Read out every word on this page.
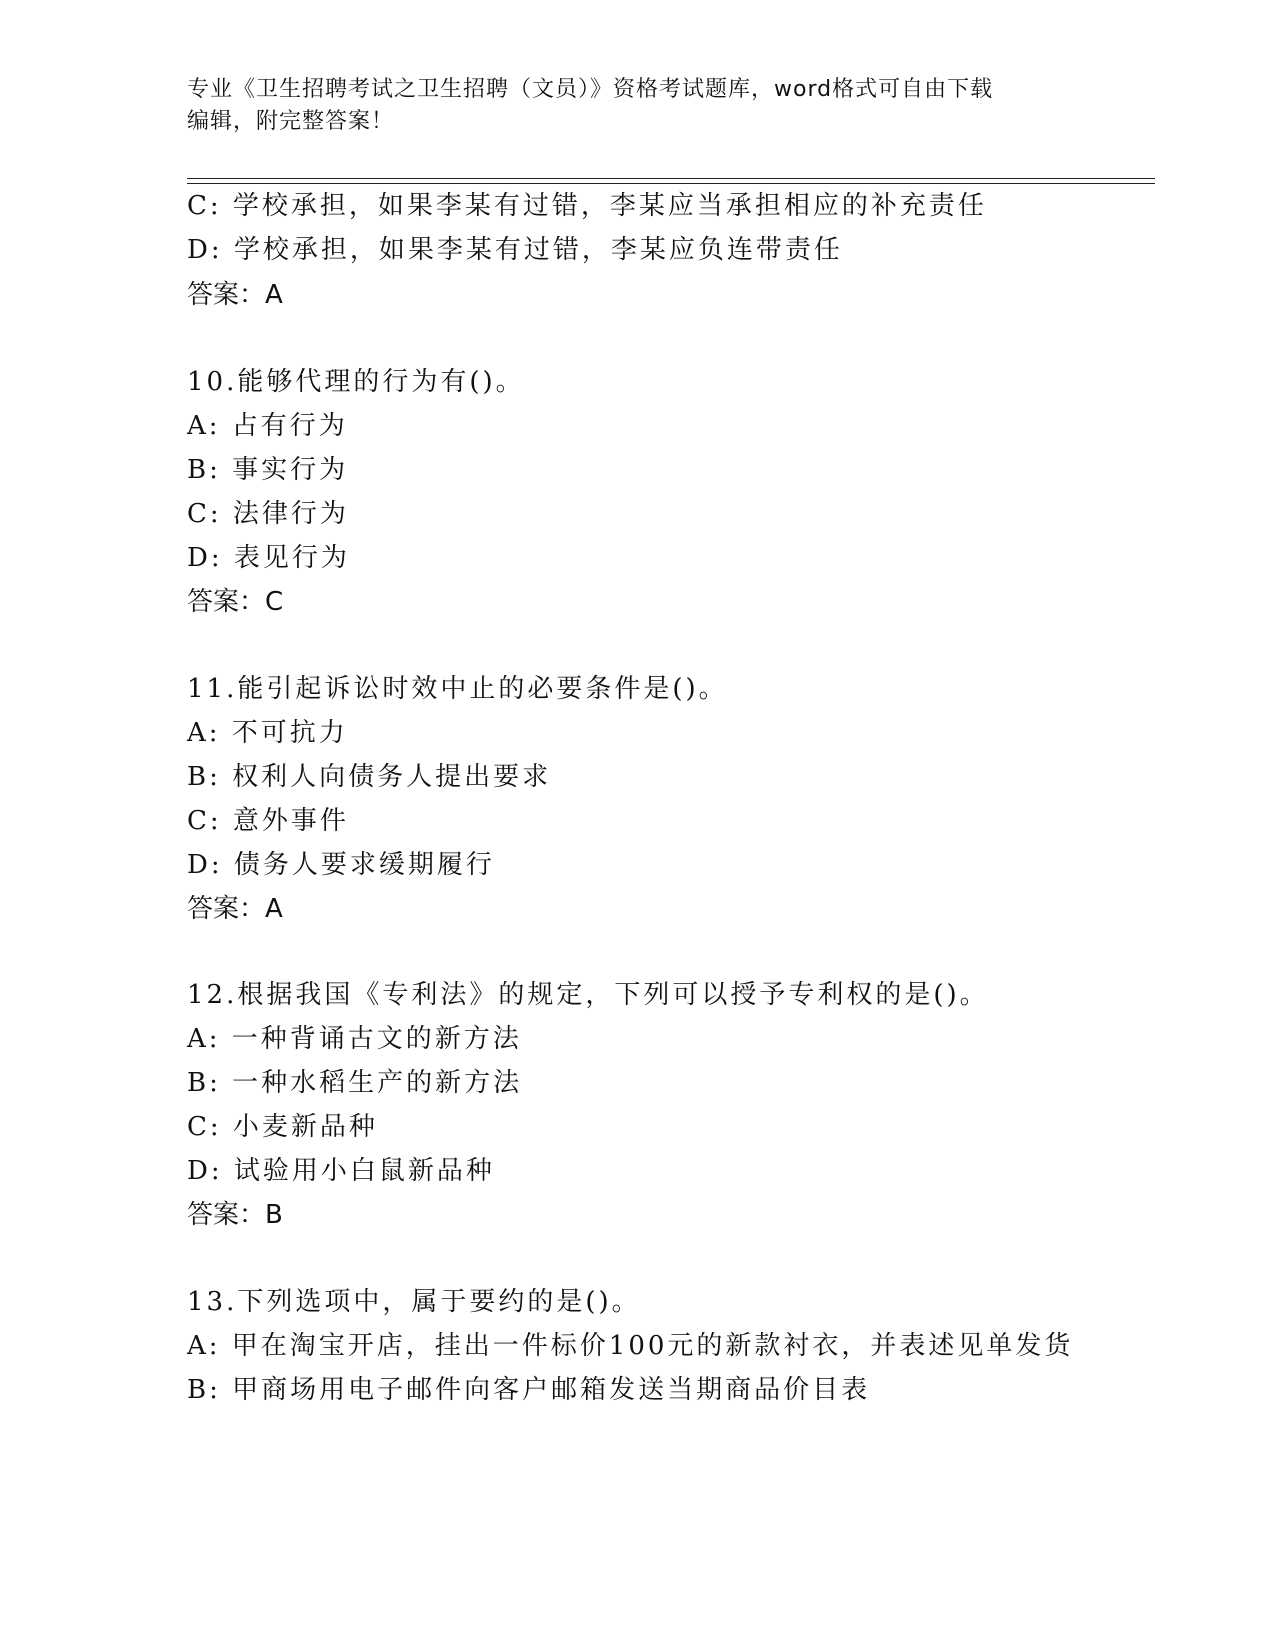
专业《卫生招聘考试之卫生招聘（文员）》资格考试题库，word格式可自由下载
编辑，附完整答案！
C: 学校承担，如果李某有过错，李某应当承担相应的补充责任
D: 学校承担，如果李某有过错，李某应负连带责任
答案：A
10.能够代理的行为有()。
A: 占有行为
B: 事实行为
C: 法律行为
D: 表见行为
答案：C
11.能引起诉讼时效中止的必要条件是()。
A: 不可抗力
B: 权利人向债务人提出要求
C: 意外事件
D: 债务人要求缓期履行
答案：A
12.根据我国《专利法》的规定，下列可以授予专利权的是()。
A: 一种背诵古文的新方法
B: 一种水稻生产的新方法
C: 小麦新品种
D: 试验用小白鼠新品种
答案：B
13.下列选项中，属于要约的是()。
A: 甲在淘宝开店，挂出一件标价100元的新款衬衣，并表述见单发货
B: 甲商场用电子邮件向客户邮箱发送当期商品价目表
